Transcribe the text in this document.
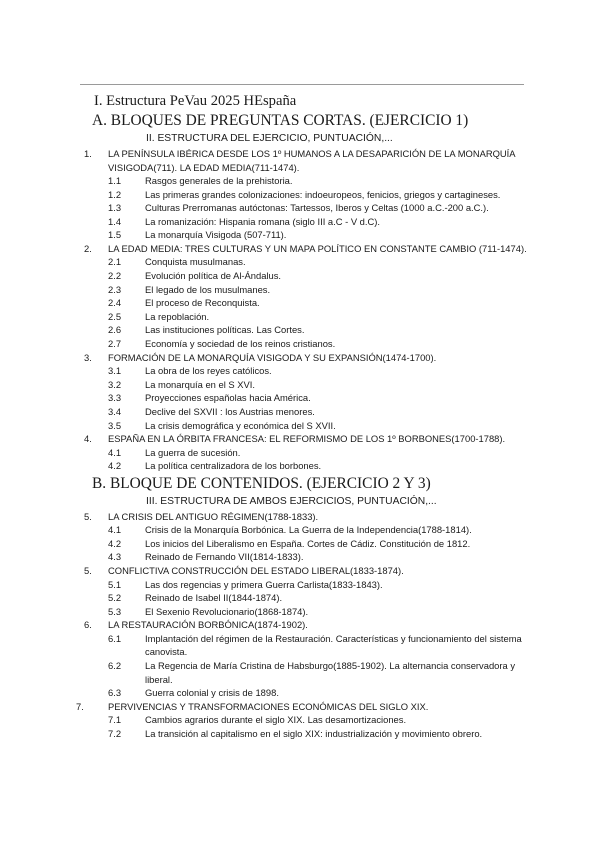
I. Estructura PeVau 2025 HEspaña
A. BLOQUES DE PREGUNTAS CORTAS. (EJERCICIO 1)
II. ESTRUCTURA DEL EJERCICIO, PUNTUACIÓN,...
1. LA PENÍNSULA IBÉRICA DESDE LOS 1º HUMANOS A LA DESAPARICIÓN DE LA MONARQUÍA VISIGODA(711). LA EDAD MEDIA(711-1474).
1.1	Rasgos generales de la prehistoria.
1.2	Las primeras grandes colonizaciones: indoeuropeos, fenicios, griegos y cartagineses.
1.3	Culturas Prerromanas autóctonas: Tartessos, Iberos y Celtas (1000 a.C.-200 a.C.).
1.4	La romanización: Hispania romana (siglo III a.C - V d.C).
1.5	La monarquía Visigoda (507-711).
2. LA EDAD MEDIA: TRES CULTURAS Y UN MAPA POLÍTICO EN CONSTANTE CAMBIO (711-1474).
2.1	Conquista musulmanas.
2.2	Evolución política de Al-Ándalus.
2.3	El legado de los musulmanes.
2.4	El proceso de Reconquista.
2.5	La repoblación.
2.6	Las instituciones políticas. Las Cortes.
2.7	Economía y sociedad de los reinos cristianos.
3. FORMACIÓN DE LA MONARQUÍA VISIGODA Y SU EXPANSIÓN(1474-1700).
3.1	La obra de los reyes católicos.
3.2	La monarquía en el S XVI.
3.3	Proyecciones españolas hacia América.
3.4	Declive del SXVII : los Austrias menores.
3.5	La crisis demográfica y económica del S XVII.
4. ESPAÑA EN LA ÓRBITA FRANCESA: EL REFORMISMO DE LOS 1º BORBONES(1700-1788).
4.1	La guerra de sucesión.
4.2	La política centralizadora de los borbones.
B. BLOQUE DE CONTENIDOS. (EJERCICIO 2 Y 3)
III. ESTRUCTURA DE AMBOS EJERCICIOS, PUNTUACIÓN,...
5. LA CRISIS DEL ANTIGUO RÉGIMEN(1788-1833).
4.1	Crisis de la Monarquía Borbónica. La Guerra de la Independencia(1788-1814).
4.2	Los inicios del Liberalismo en España. Cortes de Cádiz. Constitución de 1812.
4.3	Reinado de Fernando VII(1814-1833).
5. CONFLICTIVA CONSTRUCCIÓN DEL ESTADO LIBERAL(1833-1874).
5.1	Las dos regencias y primera Guerra Carlista(1833-1843).
5.2	Reinado de Isabel II(1844-1874).
5.3	El Sexenio Revolucionario(1868-1874).
6. LA RESTAURACIÓN BORBÓNICA(1874-1902).
6.1	Implantación del régimen de la Restauración. Características y funcionamiento del sistema canovista.
6.2	La Regencia de María Cristina de Habsburgo(1885-1902). La alternancia conservadora y liberal.
6.3	Guerra colonial y crisis de 1898.
7.	PERVIVENCIAS Y TRANSFORMACIONES ECONÓMICAS DEL SIGLO XIX.
7.1	Cambios agrarios durante el siglo XIX. Las desamortizaciones.
7.2	La transición al capitalismo en el siglo XIX: industrialización y movimiento obrero.
